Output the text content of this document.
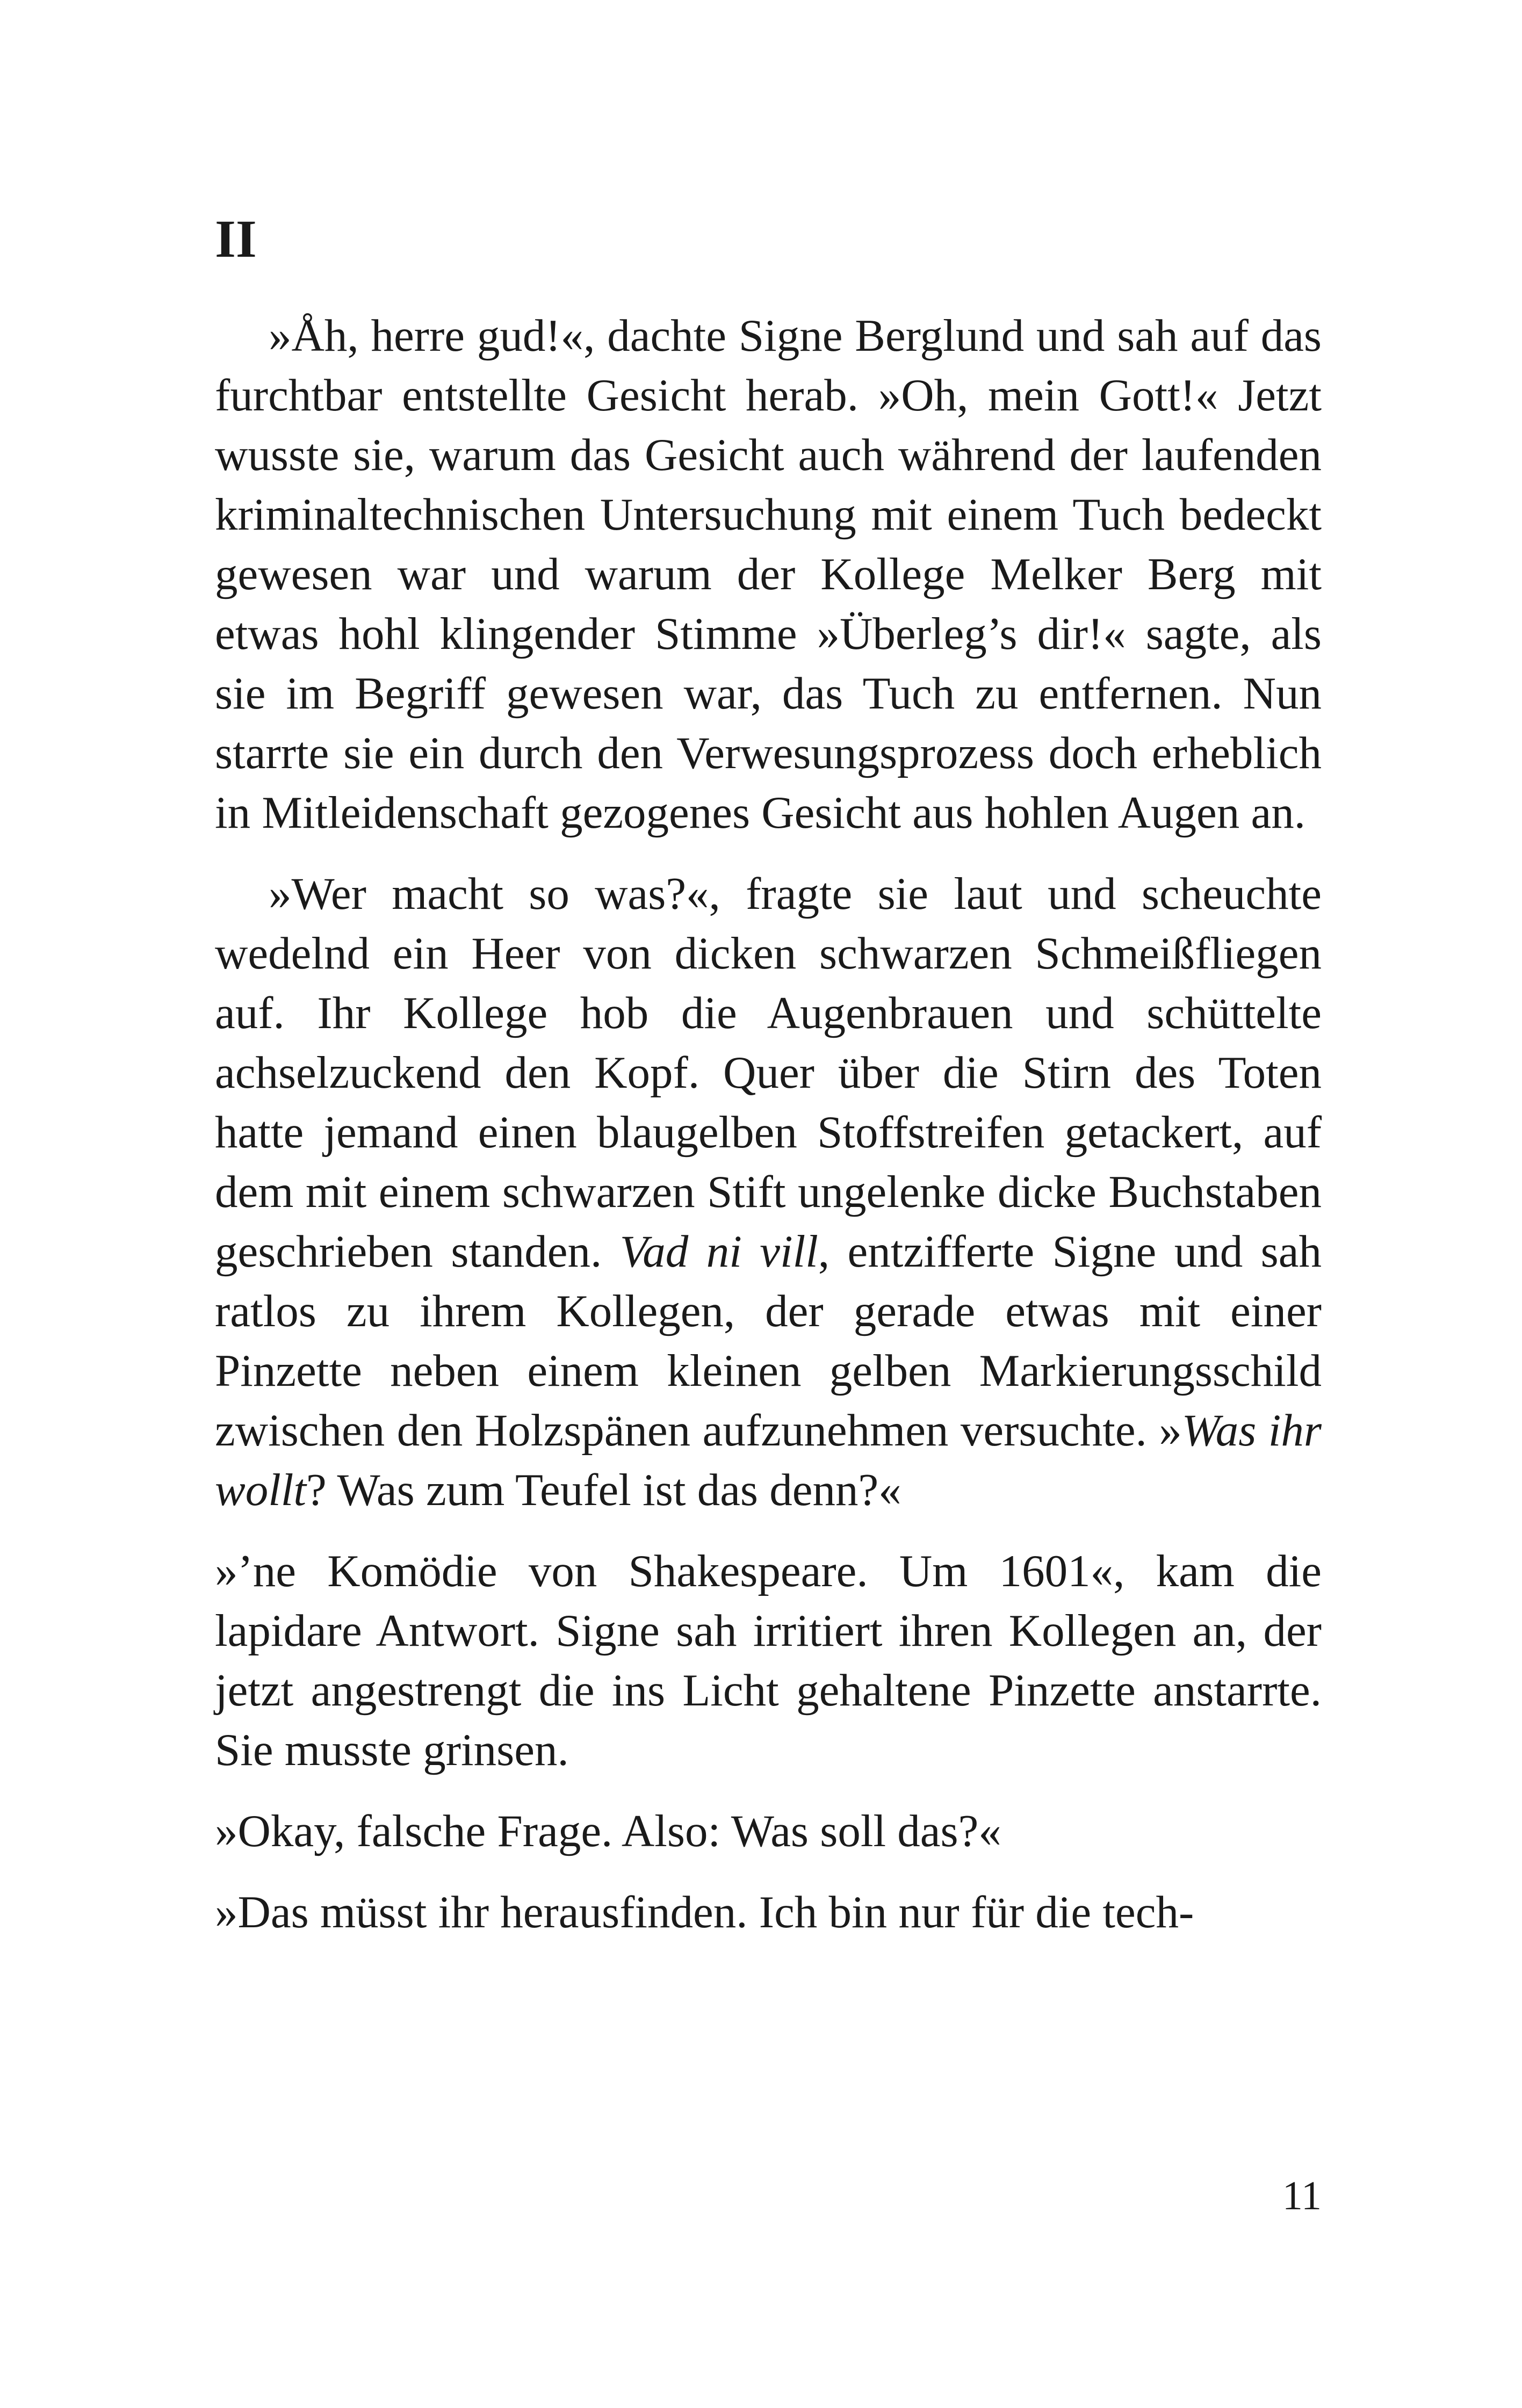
II

»Åh, herre gud!«, dachte Signe Berglund und sah auf das furchtbar entstellte Gesicht herab. »Oh, mein Gott!« Jetzt wusste sie, warum das Gesicht auch während der laufenden kriminaltechnischen Untersuchung mit einem Tuch bedeckt gewesen war und warum der Kollege Melker Berg mit etwas hohl klingender Stimme »Überleg’s dir!« sagte, als sie im Begriff gewesen war, das Tuch zu entfernen. Nun starrte sie ein durch den Verwesungsprozess doch erheblich in Mitleidenschaft gezogenes Gesicht aus hohlen Augen an.

»Wer macht so was?«, fragte sie laut und scheuchte wedelnd ein Heer von dicken schwarzen Schmeißfliegen auf. Ihr Kollege hob die Augenbrauen und schüttelte achselzuckend den Kopf. Quer über die Stirn des Toten hatte jemand einen blaugelben Stoffstreifen getackert, auf dem mit einem schwarzen Stift ungelenke dicke Buchstaben geschrieben standen. Vad ni vill, entzifferte Signe und sah ratlos zu ihrem Kollegen, der gerade etwas mit einer Pinzette neben einem kleinen gelben Markierungsschild zwischen den Holzspänen aufzunehmen versuchte. »Was ihr wollt? Was zum Teufel ist das denn?«

»’ne Komödie von Shakespeare. Um 1601«, kam die lapidare Antwort. Signe sah irritiert ihren Kollegen an, der jetzt angestrengt die ins Licht gehaltene Pinzette anstarrte. Sie musste grinsen.

»Okay, falsche Frage. Also: Was soll das?«

»Das müsst ihr herausfinden. Ich bin nur für die tech-

11
